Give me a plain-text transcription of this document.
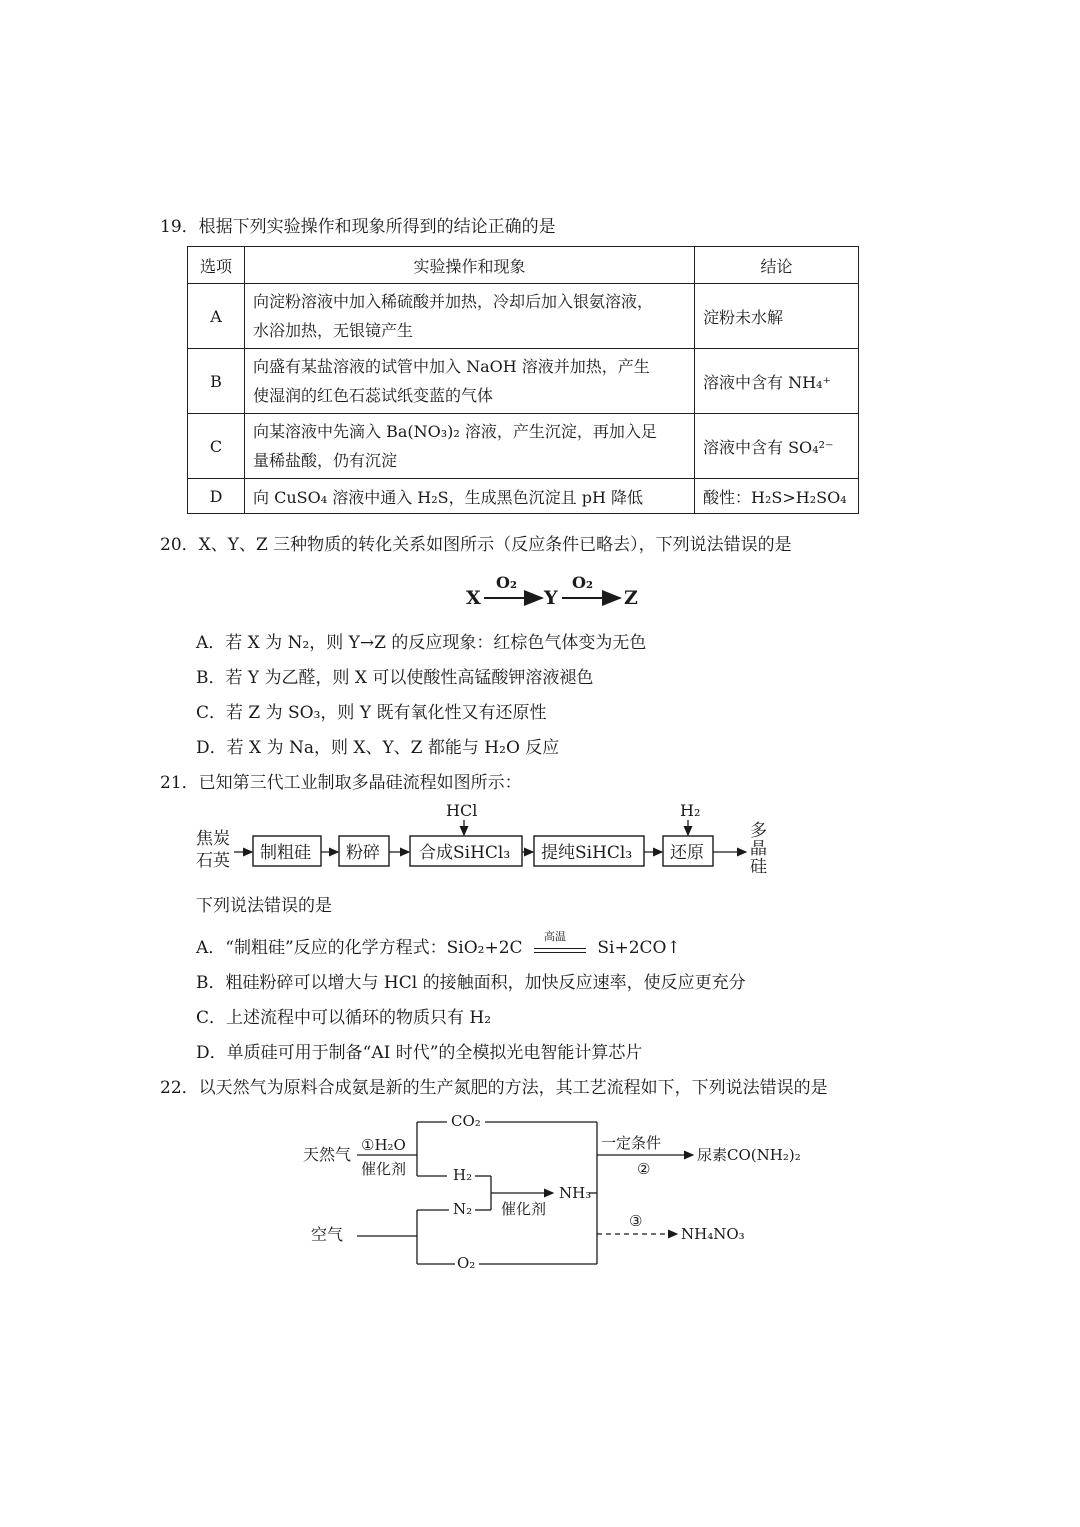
19．根据下列实验操作和现象所得到的结论正确的是
选项	实验操作和现象	结论
A	向淀粉溶液中加入稀硫酸并加热，冷却后加入银氨溶液，
水浴加热，无银镜产生	淀粉未水解
B	向盛有某盐溶液的试管中加入 NaOH 溶液并加热，产生
使湿润的红色石蕊试纸变蓝的气体	溶液中含有 NH₄⁺
C	向某溶液中先滴入 Ba(NO₃)₂ 溶液，产生沉淀，再加入足
量稀盐酸，仍有沉淀	溶液中含有 SO₄²⁻
D	向 CuSO₄ 溶液中通入 H₂S，生成黑色沉淀且 pH 降低	酸性：H₂S>H₂SO₄
20．X、Y、Z 三种物质的转化关系如图所示（反应条件已略去），下列说法错误的是
X
O₂
Y
O₂
Z
A．若 X 为 N₂，则 Y→Z 的反应现象：红棕色气体变为无色
B．若 Y 为乙醛，则 X 可以使酸性高锰酸钾溶液褪色
C．若 Z 为 SO₃，则 Y 既有氧化性又有还原性
D．若 X 为 Na，则 X、Y、Z 都能与 H₂O 反应
21．已知第三代工业制取多晶硅流程如图所示：
焦炭
石英 制粗硅 粉碎 合成SiHCl₃
HCl
提纯SiHCl₃ 还原
H₂
多晶硅
下列说法错误的是
A．“制粗硅”反应的化学方程式：SiO₂+2C
高温
Si+2CO↑
B．粗硅粉碎可以增大与 HCl 的接触面积，加快反应速率，使反应更充分
C．上述流程中可以循环的物质只有 H₂
D．单质硅可用于制备“AI 时代”的全模拟光电智能计算芯片
22．以天然气为原料合成氨是新的生产氮肥的方法，其工艺流程如下，下列说法错误的是
天然气 ①H₂O
催化剂
CO₂
H₂
催化剂
NH₃
一定条件
②
尿素CO(NH₂)₂
空气
N₂
O₂
③
NH₄NO₃
